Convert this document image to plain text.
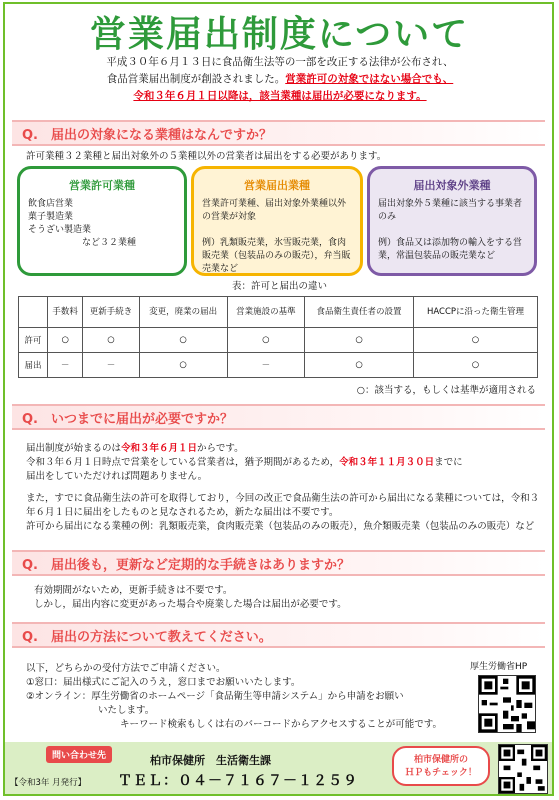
営業届出制度について
平成３０年６月１３日に食品衛生法等の一部を改正する法律が公布され、
食品営業届出制度が創設されました。営業許可の対象ではない場合でも、
令和３年６月１日以降は，該当業種は届出が必要になります。
Q.　届出の対象になる業種はなんですか？
許可業種３２業種と届出対象外の５業種以外の営業者は届出をする必要があります。
営業許可業種
飲食店営業
菓子製造業
そうざい製造業
　　　　　　など３２業種
営業届出業種
営業許可業種、届出対象外業種以外の営業が対象

例）乳類販売業，氷雪販売業，食肉販売業（包装品のみの販売），弁当販売業など
届出対象外業種
届出対象外５業種に該当する事業者のみ

例）食品又は添加物の輸入をする営業，常温包装品の販売業など
表：許可と届出の違い
	手数料	更新手続き	変更，廃業の届出	営業施設の基準	食品衛生責任者の設置	HACCPに沿った衛生管理
許可	○	○	○	○	○	○
届出	－	－	○	－	○	○
○：該当する，もしくは基準が適用される
Q.　いつまでに届出が必要ですか？
届出制度が始まるのは令和３年６月１日からです。
令和３年６月１日時点で営業をしている営業者は，猶予期間があるため，令和３年１１月３０日までに
届出をしていただければ問題ありません。
また，すでに食品衛生法の許可を取得しており，今回の改正で食品衛生法の許可から届出になる業種については，令和３年６月１日に届出をしたものと見なされるため，新たな届出は不要です。
許可から届出になる業種の例：乳類販売業，食肉販売業（包装品のみの販売），魚介類販売業（包装品のみの販売）など
Q.　届出後も，更新など定期的な手続きはありますか？
有効期間がないため，更新手続きは不要です。
しかし，届出内容に変更があった場合や廃業した場合は届出が必要です。
Q.　届出の方法について教えてください。
以下，どちらかの受付方法でご申請ください。
①窓口：届出様式にご記入のうえ，窓口までお願いいたします。
②オンライン：厚生労働省のホームページ「食品衛生等申請システム」から申請をお願い
いたします。
キーワード検索もしくは右のバーコードからアクセスすることが可能です。
厚生労働省HP
問い合わせ先	柏市保健所　生活衛生課
ＴＥＬ：０４－７１６７－１２５９
【令和3年 月発行】
柏市保健所の
ＨＰもチェック！
